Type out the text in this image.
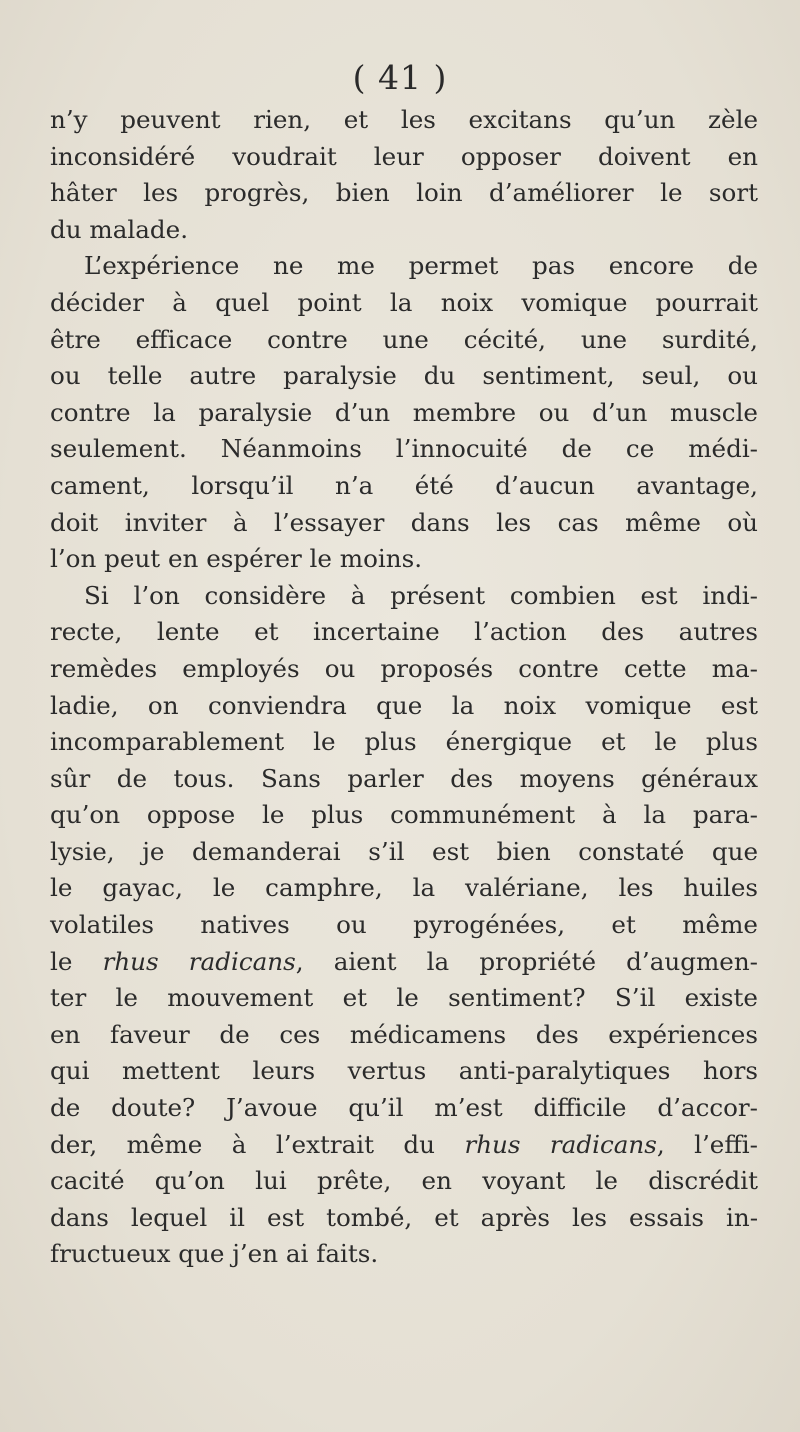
( 41 )
n’y peuvent rien, et les excitans qu’un zèle
inconsidéré voudrait leur opposer doivent en
hâter les progrès, bien loin d’améliorer le sort
du malade.
L’expérience ne me permet pas encore de
décider à quel point la noix vomique pourrait
être efficace contre une cécité, une surdité,
ou telle autre paralysie du sentiment, seul, ou
contre la paralysie d’un membre ou d’un muscle
seulement. Néanmoins l’innocuité de ce médi-
cament, lorsqu’il n’a été d’aucun avantage,
doit inviter à l’essayer dans les cas même où
l’on peut en espérer le moins.
Si l’on considère à présent combien est indi-
recte, lente et incertaine l’action des autres
remèdes employés ou proposés contre cette ma-
ladie, on conviendra que la noix vomique est
incomparablement le plus énergique et le plus
sûr de tous. Sans parler des moyens généraux
qu’on oppose le plus communément à la para-
lysie, je demanderai s’il est bien constaté que
le gayac, le camphre, la valériane, les huiles
volatiles natives ou pyrogénées, et même
le rhus radicans, aient la propriété d’augmen-
ter le mouvement et le sentiment? S’il existe
en faveur de ces médicamens des expériences
qui mettent leurs vertus anti-paralytiques hors
de doute? J’avoue qu’il m’est difficile d’accor-
der, même à l’extrait du rhus radicans, l’effi-
cacité qu’on lui prête, en voyant le discrédit
dans lequel il est tombé, et après les essais in-
fructueux que j’en ai faits.
